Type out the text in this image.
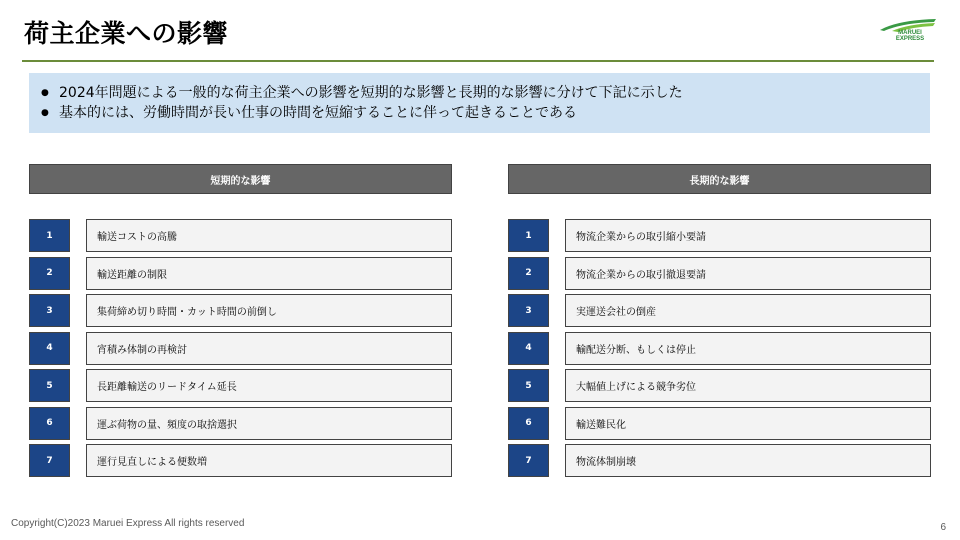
荷主企業への影響	MARUEI EXPRESS
● 2024年問題による一般的な荷主企業への影響を短期的な影響と長期的な影響に分けて下記に示した
● 基本的には、労働時間が長い仕事の時間を短縮することに伴って起きることである
短期的な影響
1	輸送コストの高騰
2	輸送距離の制限
3	集荷締め切り時間・カット時間の前倒し
4	宵積み体制の再検討
5	長距離輸送のリードタイム延長
6	運ぶ荷物の量、頻度の取捨選択
7	運行見直しによる便数増
長期的な影響
1	物流企業からの取引縮小要請
2	物流企業からの取引撤退要請
3	実運送会社の倒産
4	輸配送分断、もしくは停止
5	大幅値上げによる競争劣位
6	輸送難民化
7	物流体制崩壊
Copyright(C)2023 Maruei Express All rights reserved	6
